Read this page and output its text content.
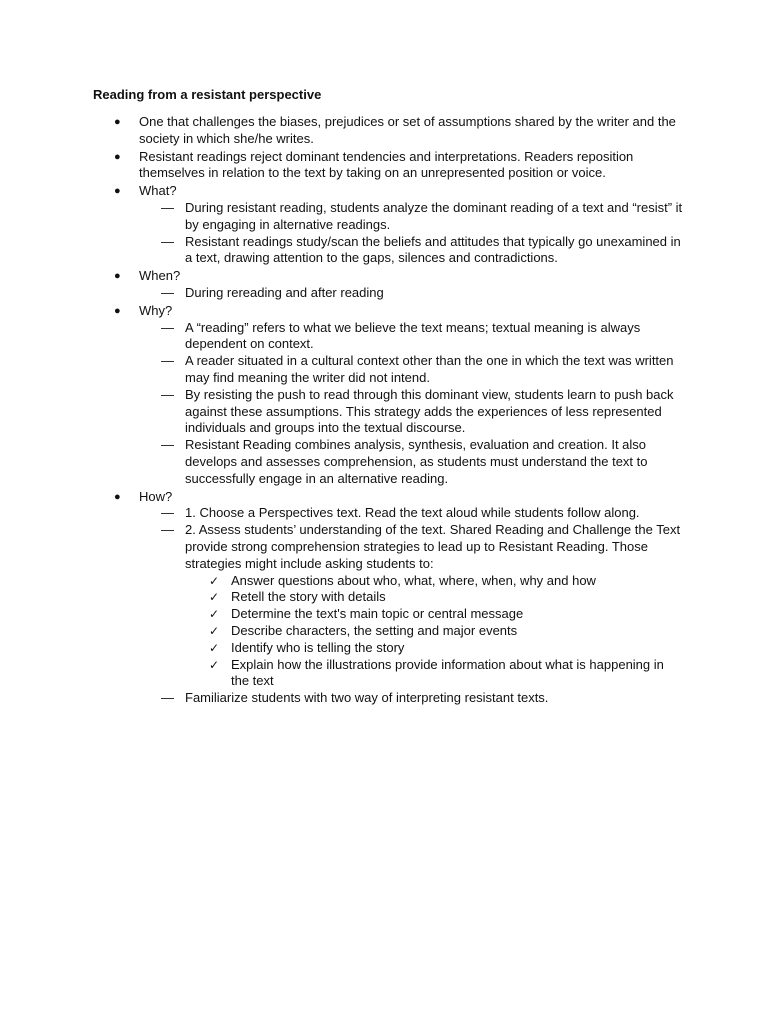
Reading from a resistant perspective
● One that challenges the biases, prejudices or set of assumptions shared by the writer and the society in which she/he writes.
● Resistant readings reject dominant tendencies and interpretations. Readers reposition themselves in relation to the text by taking on an unrepresented position or voice.
● What?
— During resistant reading, students analyze the dominant reading of a text and “resist” it by engaging in alternative readings.
— Resistant readings study/scan the beliefs and attitudes that typically go unexamined in a text, drawing attention to the gaps, silences and contradictions.
● When?
— During rereading and after reading
● Why?
— A “reading” refers to what we believe the text means; textual meaning is always dependent on context.
— A reader situated in a cultural context other than the one in which the text was written may find meaning the writer did not intend.
— By resisting the push to read through this dominant view, students learn to push back against these assumptions. This strategy adds the experiences of less represented individuals and groups into the textual discourse.
— Resistant Reading combines analysis, synthesis, evaluation and creation. It also develops and assesses comprehension, as students must understand the text to successfully engage in an alternative reading.
● How?
— 1. Choose a Perspectives text. Read the text aloud while students follow along.
— 2. Assess students’ understanding of the text. Shared Reading and Challenge the Text provide strong comprehension strategies to lead up to Resistant Reading. Those strategies might include asking students to:
✓ Answer questions about who, what, where, when, why and how
✓ Retell the story with details
✓ Determine the text's main topic or central message
✓ Describe characters, the setting and major events
✓ Identify who is telling the story
✓ Explain how the illustrations provide information about what is happening in the text
— Familiarize students with two way of interpreting resistant texts.
